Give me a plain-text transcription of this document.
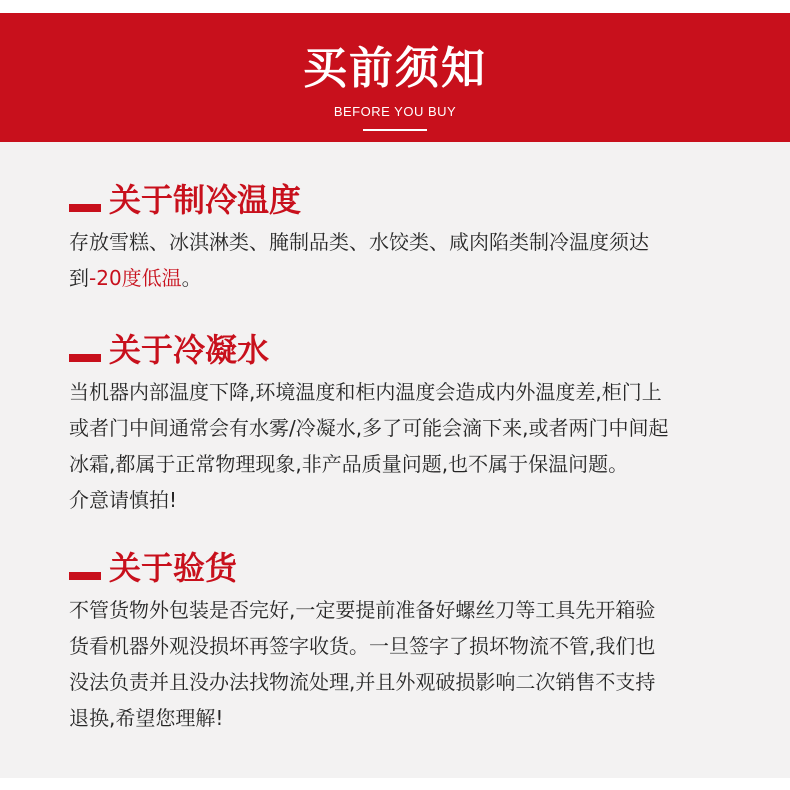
买前须知
BEFORE YOU BUY
关于制冷温度

存放雪糕、冰淇淋类、腌制品类、水饺类、咸肉陷类制冷温度须达
到-20度低温。

关于冷凝水

当机器内部温度下降,环境温度和柜内温度会造成内外温度差,柜门上
或者门中间通常会有水雾/冷凝水,多了可能会滴下来,或者两门中间起
冰霜,都属于正常物理现象,非产品质量问题,也不属于保温问题。
介意请慎拍!

关于验货

不管货物外包装是否完好,一定要提前准备好螺丝刀等工具先开箱验
货看机器外观没损坏再签字收货。一旦签字了损坏物流不管,我们也
没法负责并且没办法找物流处理,并且外观破损影响二次销售不支持
退换,希望您理解!
